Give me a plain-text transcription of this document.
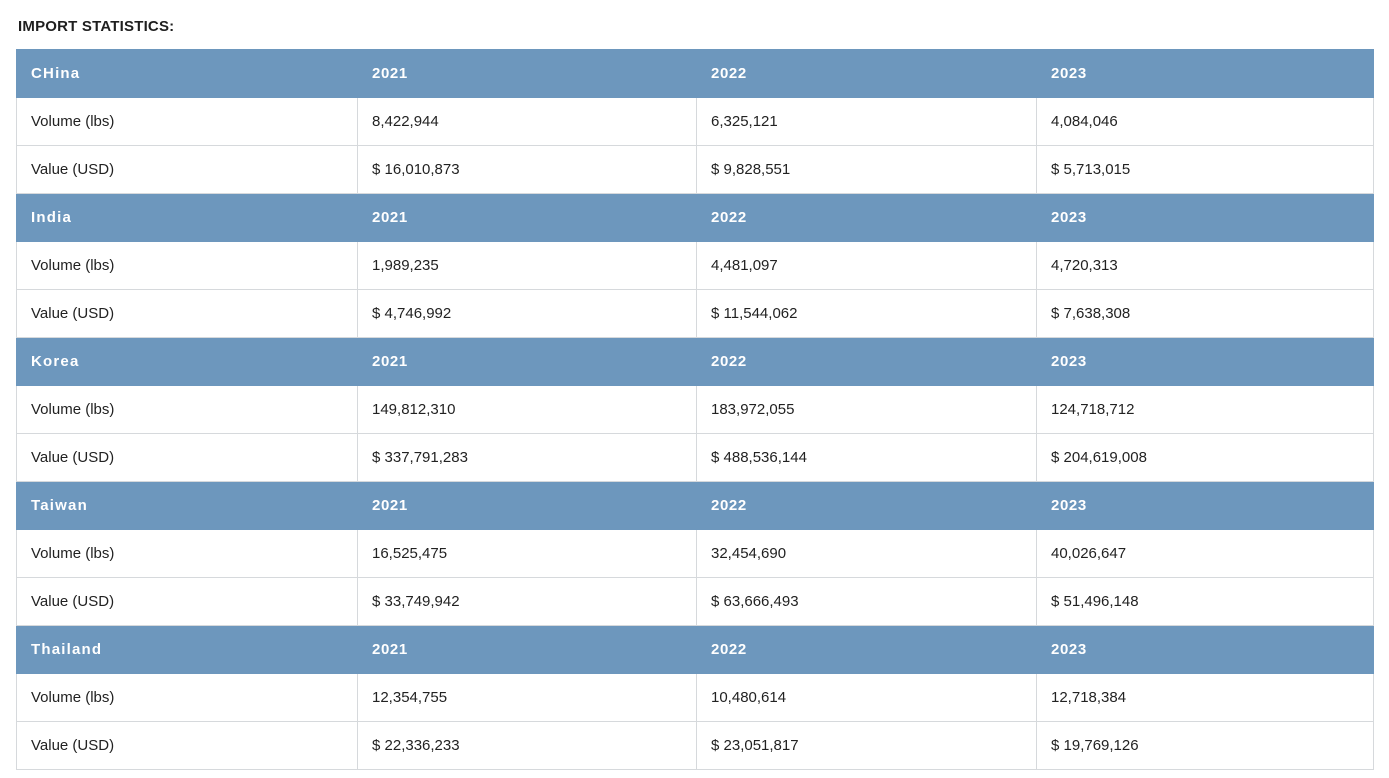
IMPORT STATISTICS:
CHina	2021	2022	2023
Volume (lbs)	8,422,944	6,325,121	4,084,046
Value (USD)	$ 16,010,873	$ 9,828,551	$ 5,713,015
India	2021	2022	2023
Volume (lbs)	1,989,235	4,481,097	4,720,313
Value (USD)	$ 4,746,992	$ 11,544,062	$ 7,638,308
Korea	2021	2022	2023
Volume (lbs)	149,812,310	183,972,055	124,718,712
Value (USD)	$ 337,791,283	$ 488,536,144	$ 204,619,008
Taiwan	2021	2022	2023
Volume (lbs)	16,525,475	32,454,690	40,026,647
Value (USD)	$ 33,749,942	$ 63,666,493	$ 51,496,148
Thailand	2021	2022	2023
Volume (lbs)	12,354,755	10,480,614	12,718,384
Value (USD)	$ 22,336,233	$ 23,051,817	$ 19,769,126
